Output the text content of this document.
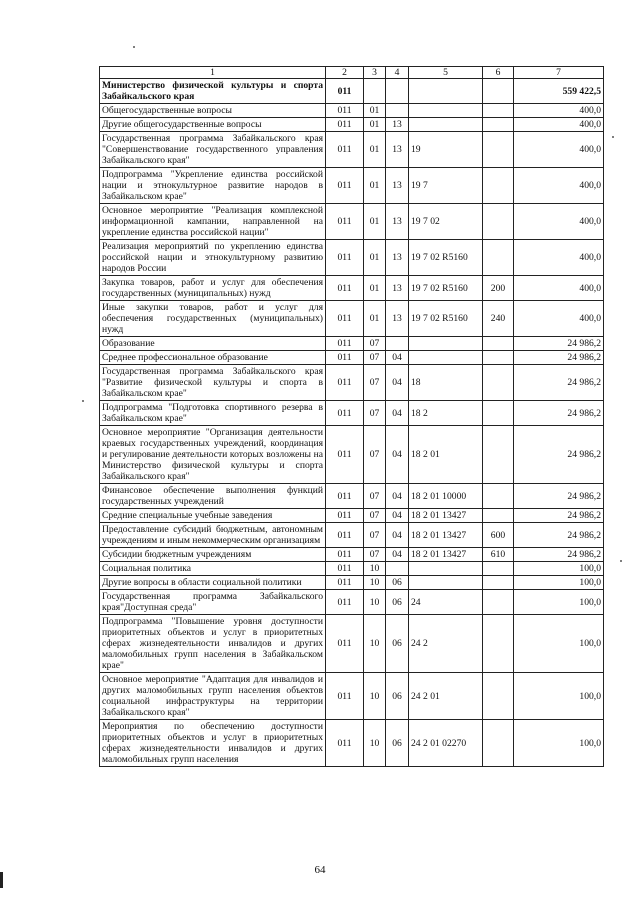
1	2	3	4	5	6	7
Министерство физической культуры и спорта Забайкальского края	011					559 422,5
Общегосударственные вопросы	011	01				400,0
Другие общегосударственные вопросы	011	01	13			400,0
Государственная программа Забайкальского края "Совершенствование государственного управления Забайкальского края"	011	01	13	19		400,0
Подпрограмма "Укрепление единства российской нации и этнокультурное развитие народов в Забайкальском крае"	011	01	13	19 7		400,0
Основное мероприятие "Реализация комплексной информационной кампании, направленной на укрепление единства российской нации"	011	01	13	19 7 02		400,0
Реализация мероприятий по укреплению единства российской нации и этнокультурному развитию народов России	011	01	13	19 7 02 R5160		400,0
Закупка товаров, работ и услуг для обеспечения государственных (муниципальных) нужд	011	01	13	19 7 02 R5160	200	400,0
Иные закупки товаров, работ и услуг для обеспечения государственных (муниципальных) нужд	011	01	13	19 7 02 R5160	240	400,0
Образование	011	07				24 986,2
Среднее профессиональное образование	011	07	04			24 986,2
Государственная программа Забайкальского края "Развитие физической культуры и спорта в Забайкальском крае"	011	07	04	18		24 986,2
Подпрограмма "Подготовка спортивного резерва в Забайкальском крае"	011	07	04	18 2		24 986,2
Основное мероприятие "Организация деятельности краевых государственных учреждений, координация и регулирование деятельности которых возложены на Министерство физической культуры и спорта Забайкальского края"	011	07	04	18 2 01		24 986,2
Финансовое обеспечение выполнения функций государственных учреждений	011	07	04	18 2 01 10000		24 986,2
Средние специальные учебные заведения	011	07	04	18 2 01 13427		24 986,2
Предоставление субсидий бюджетным, автономным учреждениям и иным некоммерческим организациям	011	07	04	18 2 01 13427	600	24 986,2
Субсидии бюджетным учреждениям	011	07	04	18 2 01 13427	610	24 986,2
Социальная политика	011	10				100,0
Другие вопросы в области социальной политики	011	10	06			100,0
Государственная программа Забайкальского края"Доступная среда"	011	10	06	24		100,0
Подпрограмма "Повышение уровня доступности приоритетных объектов и услуг в приоритетных сферах жизнедеятельности инвалидов и других маломобильных групп населения в Забайкальском крае"	011	10	06	24 2		100,0
Основное мероприятие "Адаптация для инвалидов и других маломобильных групп населения объектов социальной инфраструктуры на территории Забайкальского края"	011	10	06	24 2 01		100,0
Мероприятия по обеспечению доступности приоритетных объектов и услуг в приоритетных сферах жизнедеятельности инвалидов и других маломобильных групп населения	011	10	06	24 2 01 02270		100,0
64
